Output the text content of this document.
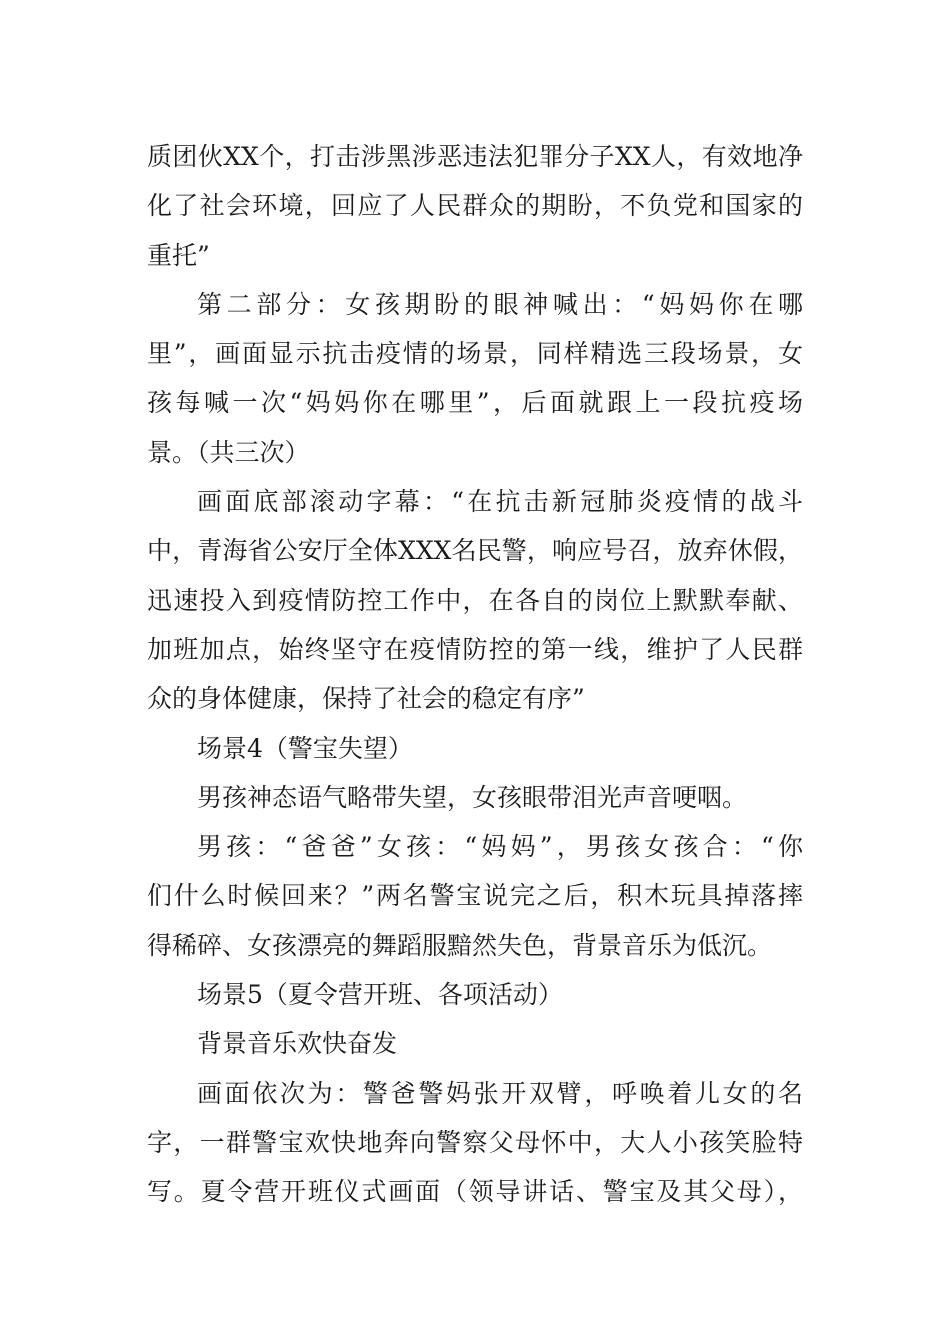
质团伙XX个，打击涉黑涉恶违法犯罪分子XX人，有效地净
化了社会环境，回应了人民群众的期盼，不负党和国家的
重托”
第二部分：女孩期盼的眼神喊出：“妈妈你在哪
里”，画面显示抗击疫情的场景，同样精选三段场景，女
孩每喊一次“妈妈你在哪里”，后面就跟上一段抗疫场
景。（共三次）
画面底部滚动字幕：“在抗击新冠肺炎疫情的战斗
中，青海省公安厅全体XXX名民警，响应号召，放弃休假，
迅速投入到疫情防控工作中，在各自的岗位上默默奉献、
加班加点，始终坚守在疫情防控的第一线，维护了人民群
众的身体健康，保持了社会的稳定有序”
场景4（警宝失望）
男孩神态语气略带失望，女孩眼带泪光声音哽咽。
男孩：“爸爸”女孩：“妈妈”，男孩女孩合：“你
们什么时候回来？”两名警宝说完之后，积木玩具掉落摔
得稀碎、女孩漂亮的舞蹈服黯然失色，背景音乐为低沉。
场景5（夏令营开班、各项活动）
背景音乐欢快奋发
画面依次为：警爸警妈张开双臂，呼唤着儿女的名
字，一群警宝欢快地奔向警察父母怀中，大人小孩笑脸特
写。夏令营开班仪式画面（领导讲话、警宝及其父母），
